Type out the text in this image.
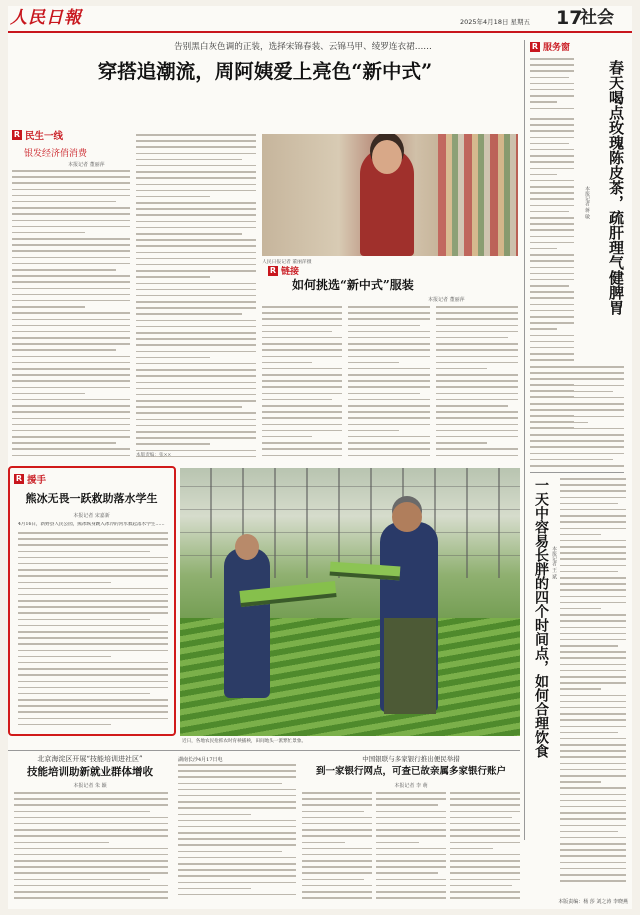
人民日報	2025年4月18日 星期五 17
社会
告别黑白灰色调的正装，选择宋锦春装、云锦马甲、绫罗连衣裙……
穿搭追潮流，周阿姨爱上亮色“新中式”
R 民生一线
银发经济俏消费
本报记者 董丽萍
人民日报记者 董丽萍摄
R 链接
如何挑选“新中式”服装
本报记者 董丽萍
R 服务窗
春天喝点玫瑰陈皮茶，疏肝理气健脾胃
本报记者 蒋 敏
一天中容易长胖的四个时间点，如何合理饮食 本报记者 王 斌
R 援手
熊冰无畏一跃救助落水学生
本报记者 宋嘉新
4月16日，新野县人民公园，熊冰纵身跳入冰冷的河水救起落水学生……
近日，各地农民抢抓农时育秧插秧，田间地头一派繁忙景象。
北京海淀区开展“技能培训进社区”
技能培训助新就业群体增收
本报记者 朱 颖
湖南长沙4月17日电	中国银联与多家银行推出便民举措
到一家银行网点，可查已故亲属多家银行账户
本报记者 李 萌
本版责编：杨 莎 刘之涛 李晓燕
本版责编：张××
